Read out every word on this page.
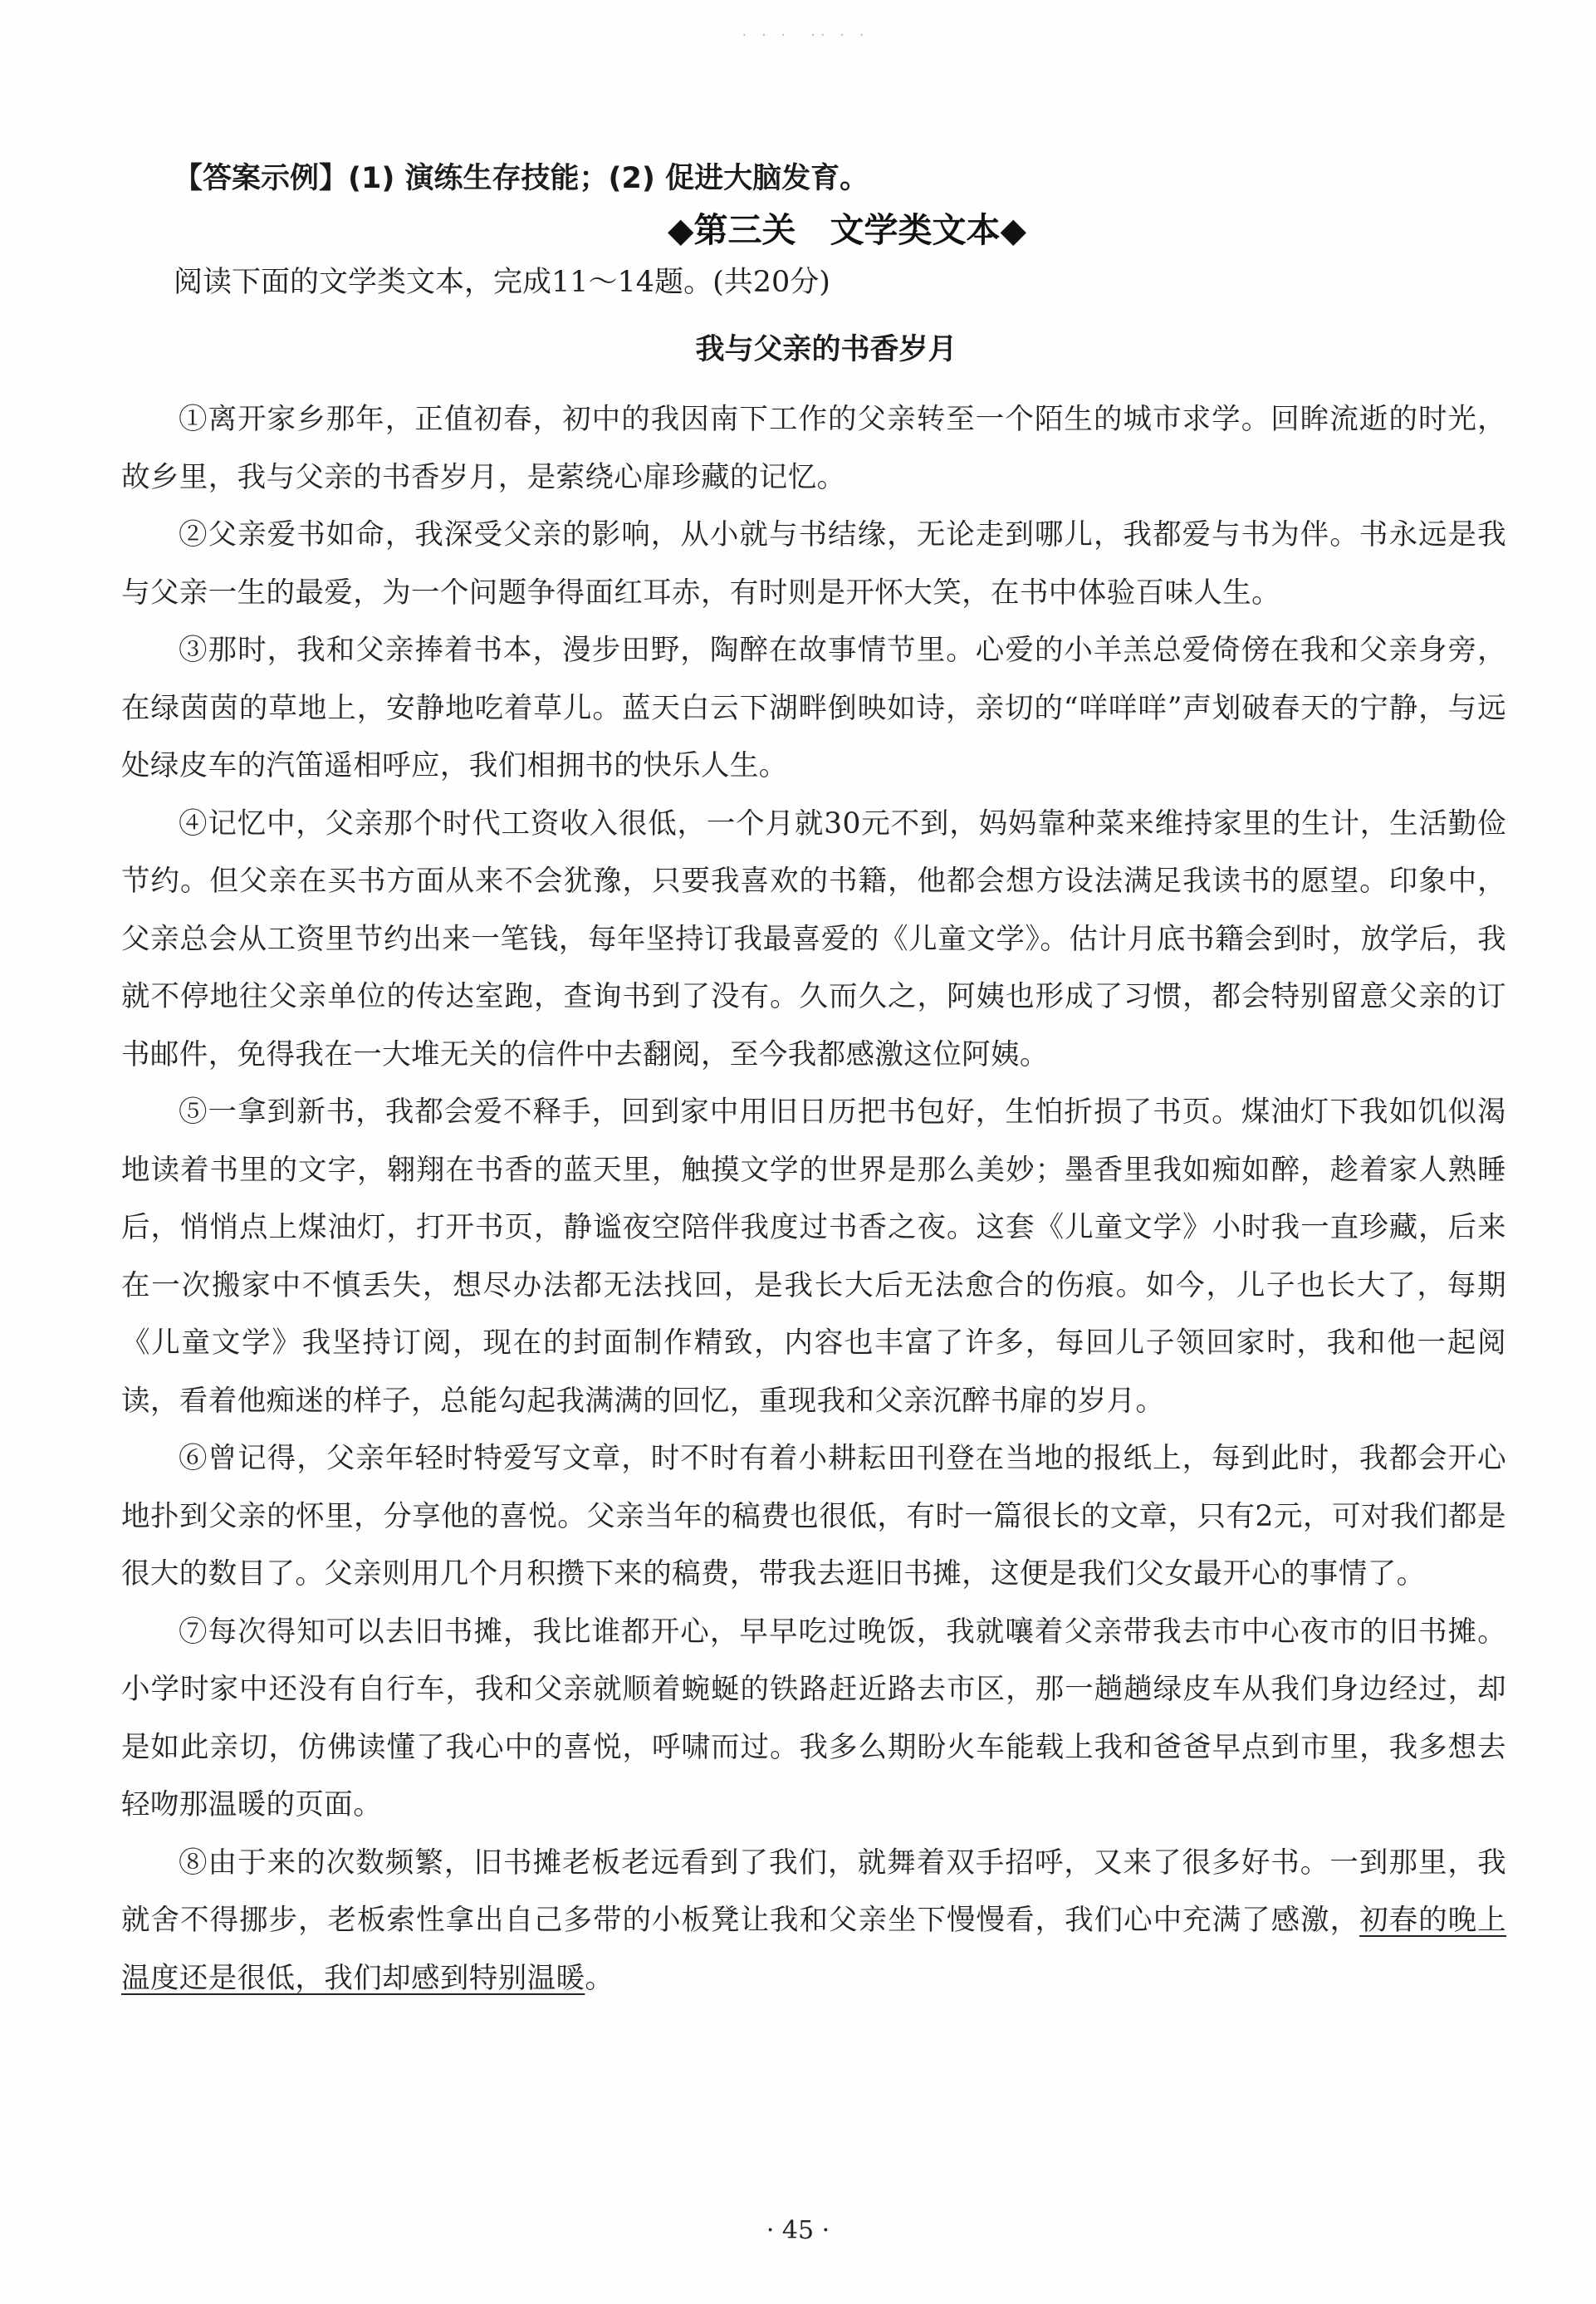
· · ·　·· · ·
【答案示例】(1) 演练生存技能；(2) 促进大脑发育。
◆第三关　文学类文本◆
阅读下面的文学类文本，完成11～14题。(共20分)
我与父亲的书香岁月

①离开家乡那年，正值初春，初中的我因南下工作的父亲转至一个陌生的城市求学。回眸流逝的时光，故乡里，我与父亲的书香岁月，是萦绕心扉珍藏的记忆。

②父亲爱书如命，我深受父亲的影响，从小就与书结缘，无论走到哪儿，我都爱与书为伴。书永远是我与父亲一生的最爱，为一个问题争得面红耳赤，有时则是开怀大笑，在书中体验百味人生。

③那时，我和父亲捧着书本，漫步田野，陶醉在故事情节里。心爱的小羊羔总爱倚傍在我和父亲身旁，在绿茵茵的草地上，安静地吃着草儿。蓝天白云下湖畔倒映如诗，亲切的“咩咩咩”声划破春天的宁静，与远处绿皮车的汽笛遥相呼应，我们相拥书的快乐人生。

④记忆中，父亲那个时代工资收入很低，一个月就30元不到，妈妈靠种菜来维持家里的生计，生活勤俭节约。但父亲在买书方面从来不会犹豫，只要我喜欢的书籍，他都会想方设法满足我读书的愿望。印象中，父亲总会从工资里节约出来一笔钱，每年坚持订我最喜爱的《儿童文学》。估计月底书籍会到时，放学后，我就不停地往父亲单位的传达室跑，查询书到了没有。久而久之，阿姨也形成了习惯，都会特别留意父亲的订书邮件，免得我在一大堆无关的信件中去翻阅，至今我都感激这位阿姨。

⑤一拿到新书，我都会爱不释手，回到家中用旧日历把书包好，生怕折损了书页。煤油灯下我如饥似渴地读着书里的文字，翱翔在书香的蓝天里，触摸文学的世界是那么美妙；墨香里我如痴如醉，趁着家人熟睡后，悄悄点上煤油灯，打开书页，静谧夜空陪伴我度过书香之夜。这套《儿童文学》小时我一直珍藏，后来在一次搬家中不慎丢失，想尽办法都无法找回，是我长大后无法愈合的伤痕。如今，儿子也长大了，每期《儿童文学》我坚持订阅，现在的封面制作精致，内容也丰富了许多，每回儿子领回家时，我和他一起阅读，看着他痴迷的样子，总能勾起我满满的回忆，重现我和父亲沉醉书扉的岁月。

⑥曾记得，父亲年轻时特爱写文章，时不时有着小耕耘田刊登在当地的报纸上，每到此时，我都会开心地扑到父亲的怀里，分享他的喜悦。父亲当年的稿费也很低，有时一篇很长的文章，只有2元，可对我们都是很大的数目了。父亲则用几个月积攒下来的稿费，带我去逛旧书摊，这便是我们父女最开心的事情了。

⑦每次得知可以去旧书摊，我比谁都开心，早早吃过晚饭，我就嚷着父亲带我去市中心夜市的旧书摊。小学时家中还没有自行车，我和父亲就顺着蜿蜒的铁路赶近路去市区，那一趟趟绿皮车从我们身边经过，却是如此亲切，仿佛读懂了我心中的喜悦，呼啸而过。我多么期盼火车能载上我和爸爸早点到市里，我多想去轻吻那温暖的页面。

⑧由于来的次数频繁，旧书摊老板老远看到了我们，就舞着双手招呼，又来了很多好书。一到那里，我就舍不得挪步，老板索性拿出自己多带的小板凳让我和父亲坐下慢慢看，我们心中充满了感激，初春的晚上温度还是很低，我们却感到特别温暖。

· 45 ·
